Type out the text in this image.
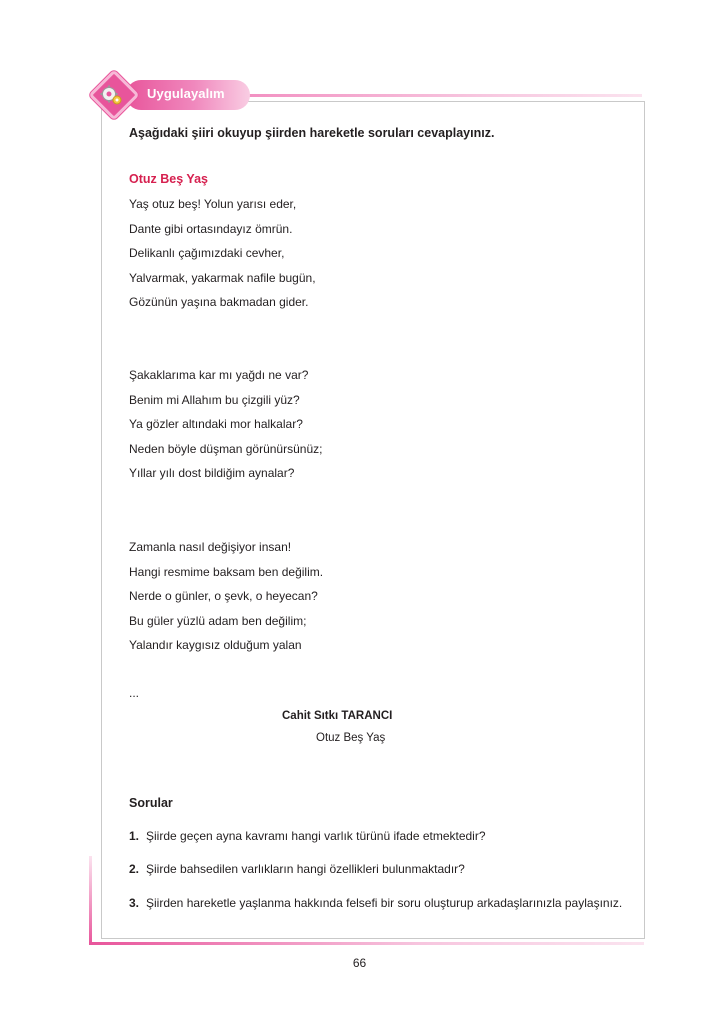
Uygulayalım
Aşağıdaki şiiri okuyup şiirden hareketle soruları cevaplayınız.
Otuz Beş Yaş
Yaş otuz beş! Yolun yarısı eder,
Dante gibi ortasındayız ömrün.
Delikanlı çağımızdaki cevher,
Yalvarmak, yakarmak nafile bugün,
Gözünün yaşına bakmadan gider.
Şakaklarıma kar mı yağdı ne var?
Benim mi Allahım bu çizgili yüz?
Ya gözler altındaki mor halkalar?
Neden böyle düşman görünürsünüz;
Yıllar yılı dost bildiğim aynalar?
Zamanla nasıl değişiyor insan!
Hangi resmime baksam ben değilim.
Nerde o günler, o şevk, o heyecan?
Bu güler yüzlü adam ben değilim;
Yalandır kaygısız olduğum yalan
...
Cahit Sıtkı TARANCI
Otuz Beş Yaş
Sorular
1. Şiirde geçen ayna kavramı hangi varlık türünü ifade etmektedir?
2. Şiirde bahsedilen varlıkların hangi özellikleri bulunmaktadır?
3. Şiirden hareketle yaşlanma hakkında felsefi bir soru oluşturup arkadaşlarınızla paylaşınız.
66
